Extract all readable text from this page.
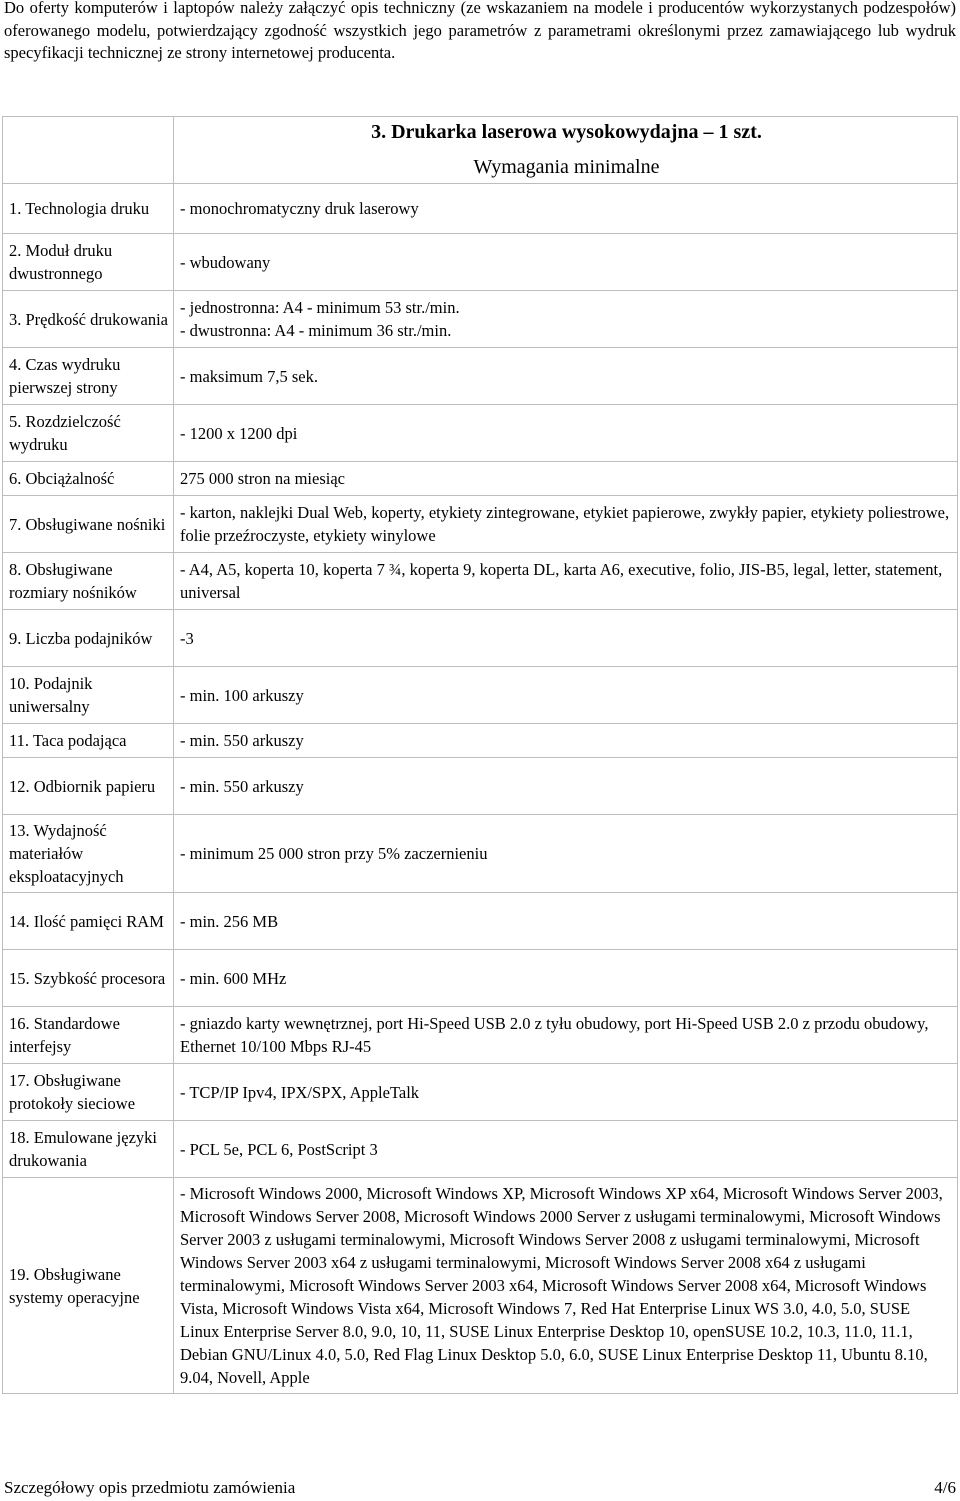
Do oferty komputerów i laptopów należy załączyć opis techniczny (ze wskazaniem na modele i producentów wykorzystanych podzespołów) oferowanego modelu, potwierdzający zgodność wszystkich jego parametrów z parametrami określonymi przez zamawiającego lub wydruk specyfikacji technicznej ze strony internetowej producenta.

	3. Drukarka laserowa wysokowydajna – 1 szt.
Wymagania minimalne

1. Technologia druku	- monochromatyczny druk laserowy
2. Moduł druku dwustronnego	- wbudowany
3. Prędkość drukowania	- jednostronna: A4 - minimum 53 str./min.
- dwustronna: A4 - minimum 36 str./min.
4. Czas wydruku pierwszej strony	- maksimum 7,5 sek.
5. Rozdzielczość wydruku	- 1200 x 1200 dpi
6. Obciążalność	275 000 stron na miesiąc
7. Obsługiwane nośniki	- karton, naklejki Dual Web, koperty, etykiety zintegrowane, etykiet papierowe, zwykły papier, etykiety poliestrowe, folie przeźroczyste, etykiety winylowe
8. Obsługiwane rozmiary nośników	- A4, A5, koperta 10, koperta 7 ¾, koperta 9, koperta DL, karta A6, executive, folio, JIS-B5, legal, letter, statement, universal
9. Liczba podajników	-3
10. Podajnik uniwersalny	- min. 100 arkuszy
11. Taca podająca	- min. 550 arkuszy
12. Odbiornik papieru	- min. 550 arkuszy
13. Wydajność materiałów eksploatacyjnych	- minimum 25 000 stron przy 5% zaczernieniu
14. Ilość pamięci RAM	- min. 256 MB
15. Szybkość procesora	- min. 600 MHz
16. Standardowe interfejsy	- gniazdo karty wewnętrznej, port Hi-Speed USB 2.0 z tyłu obudowy, port Hi-Speed USB 2.0 z przodu obudowy, Ethernet 10/100 Mbps RJ-45
17. Obsługiwane protokoły sieciowe	- TCP/IP Ipv4, IPX/SPX, AppleTalk
18. Emulowane języki drukowania	- PCL 5e, PCL 6, PostScript 3
19. Obsługiwane systemy operacyjne	- Microsoft Windows 2000, Microsoft Windows XP, Microsoft Windows XP x64, Microsoft Windows Server 2003, Microsoft Windows Server 2008, Microsoft Windows 2000 Server z usługami terminalowymi, Microsoft Windows Server 2003 z usługami terminalowymi, Microsoft Windows Server 2008 z usługami terminalowymi, Microsoft Windows Server 2003 x64 z usługami terminalowymi, Microsoft Windows Server 2008 x64 z usługami terminalowymi, Microsoft Windows Server 2003 x64, Microsoft Windows Server 2008 x64, Microsoft Windows Vista, Microsoft Windows Vista x64, Microsoft Windows 7, Red Hat Enterprise Linux WS 3.0, 4.0, 5.0, SUSE Linux Enterprise Server 8.0, 9.0, 10, 11, SUSE Linux Enterprise Desktop 10, openSUSE 10.2, 10.3, 11.0, 11.1, Debian GNU/Linux 4.0, 5.0, Red Flag Linux Desktop 5.0, 6.0, SUSE Linux Enterprise Desktop 11, Ubuntu 8.10, 9.04, Novell, Apple
Szczegółowy opis przedmiotu zamówienia	4/6
